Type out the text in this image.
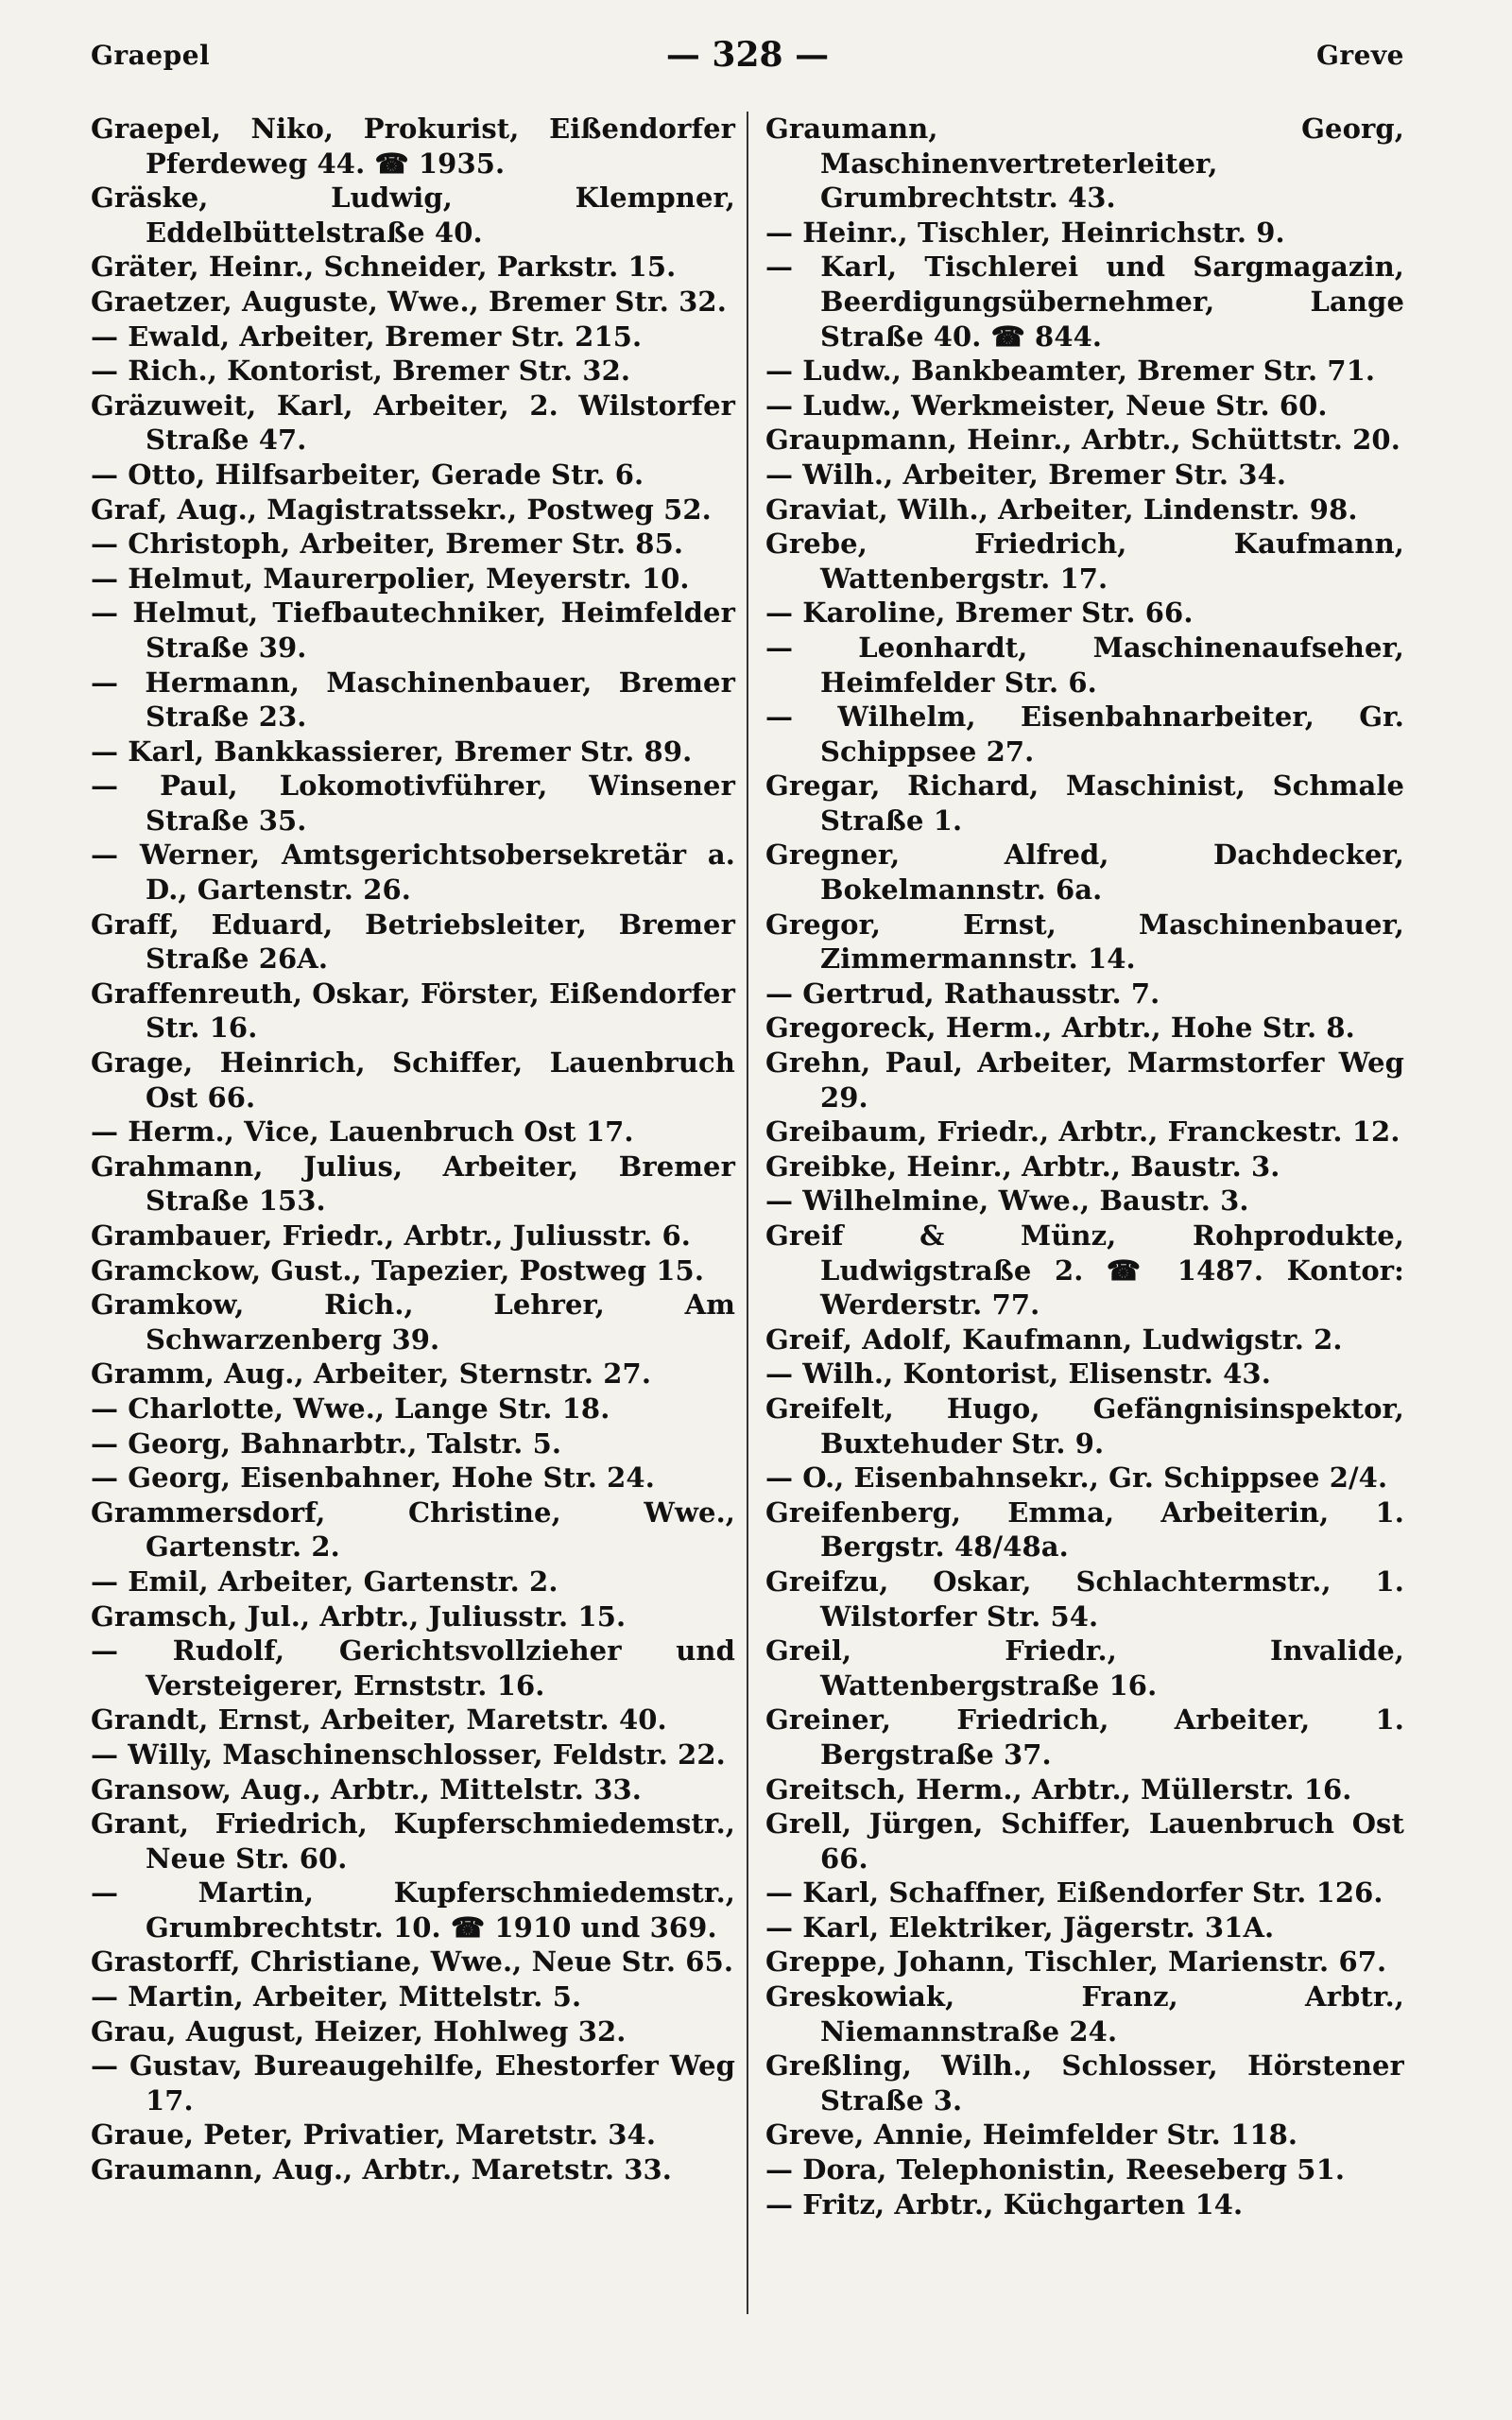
Graepel	— 328 —	Greve
Graepel, Niko, Prokurist, Eißendorfer Pferdeweg 44. ☎ 1935.
Gräske, Ludwig, Klempner, Eddelbüttelstraße 40.
Gräter, Heinr., Schneider, Parkstr. 15.
Graetzer, Auguste, Wwe., Bremer Str. 32.
— Ewald, Arbeiter, Bremer Str. 215.
— Rich., Kontorist, Bremer Str. 32.
Gräzuweit, Karl, Arbeiter, 2. Wilstorfer Straße 47.
— Otto, Hilfsarbeiter, Gerade Str. 6.
Graf, Aug., Magistratssekr., Postweg 52.
— Christoph, Arbeiter, Bremer Str. 85.
— Helmut, Maurerpolier, Meyerstr. 10.
— Helmut, Tiefbautechniker, Heimfelder Straße 39.
— Hermann, Maschinenbauer, Bremer Straße 23.
— Karl, Bankkassierer, Bremer Str. 89.
— Paul, Lokomotivführer, Winsener Straße 35.
— Werner, Amtsgerichtsobersekretär a. D., Gartenstr. 26.
Graff, Eduard, Betriebsleiter, Bremer Straße 26A.
Graffenreuth, Oskar, Förster, Eißendorfer Str. 16.
Grage, Heinrich, Schiffer, Lauenbruch Ost 66.
— Herm., Vice, Lauenbruch Ost 17.
Grahmann, Julius, Arbeiter, Bremer Straße 153.
Grambauer, Friedr., Arbtr., Juliusstr. 6.
Gramckow, Gust., Tapezier, Postweg 15.
Gramkow, Rich., Lehrer, Am Schwarzenberg 39.
Gramm, Aug., Arbeiter, Sternstr. 27.
— Charlotte, Wwe., Lange Str. 18.
— Georg, Bahnarbtr., Talstr. 5.
— Georg, Eisenbahner, Hohe Str. 24.
Grammersdorf, Christine, Wwe., Gartenstr. 2.
— Emil, Arbeiter, Gartenstr. 2.
Gramsch, Jul., Arbtr., Juliusstr. 15.
— Rudolf, Gerichtsvollzieher und Versteigerer, Ernststr. 16.
Grandt, Ernst, Arbeiter, Maretstr. 40.
— Willy, Maschinenschlosser, Feldstr. 22.
Gransow, Aug., Arbtr., Mittelstr. 33.
Grant, Friedrich, Kupferschmiedemstr., Neue Str. 60.
— Martin, Kupferschmiedemstr., Grumbrechtstr. 10. ☎ 1910 und 369.
Grastorff, Christiane, Wwe., Neue Str. 65.
— Martin, Arbeiter, Mittelstr. 5.
Grau, August, Heizer, Hohlweg 32.
— Gustav, Bureaugehilfe, Ehestorfer Weg 17.
Graue, Peter, Privatier, Maretstr. 34.
Graumann, Aug., Arbtr., Maretstr. 33.
Graumann, Georg, Maschinenvertreterleiter, Grumbrechtstr. 43.
— Heinr., Tischler, Heinrichstr. 9.
— Karl, Tischlerei und Sargmagazin, Beerdigungsübernehmer, Lange Straße 40. ☎ 844.
— Ludw., Bankbeamter, Bremer Str. 71.
— Ludw., Werkmeister, Neue Str. 60.
Graupmann, Heinr., Arbtr., Schüttstr. 20.
— Wilh., Arbeiter, Bremer Str. 34.
Graviat, Wilh., Arbeiter, Lindenstr. 98.
Grebe, Friedrich, Kaufmann, Wattenbergstr. 17.
— Karoline, Bremer Str. 66.
— Leonhardt, Maschinenaufseher, Heimfelder Str. 6.
— Wilhelm, Eisenbahnarbeiter, Gr. Schippsee 27.
Gregar, Richard, Maschinist, Schmale Straße 1.
Gregner, Alfred, Dachdecker, Bokelmannstr. 6a.
Gregor, Ernst, Maschinenbauer, Zimmermannstr. 14.
— Gertrud, Rathausstr. 7.
Gregoreck, Herm., Arbtr., Hohe Str. 8.
Grehn, Paul, Arbeiter, Marmstorfer Weg 29.
Greibaum, Friedr., Arbtr., Franckestr. 12.
Greibke, Heinr., Arbtr., Baustr. 3.
— Wilhelmine, Wwe., Baustr. 3.
Greif & Münz, Rohprodukte, Ludwigstraße 2. ☎ 1487. Kontor: Werderstr. 77.
Greif, Adolf, Kaufmann, Ludwigstr. 2.
— Wilh., Kontorist, Elisenstr. 43.
Greifelt, Hugo, Gefängnisinspektor, Buxtehuder Str. 9.
— O., Eisenbahnsekr., Gr. Schippsee 2/4.
Greifenberg, Emma, Arbeiterin, 1. Bergstr. 48/48a.
Greifzu, Oskar, Schlachtermstr., 1. Wilstorfer Str. 54.
Greil, Friedr., Invalide, Wattenbergstraße 16.
Greiner, Friedrich, Arbeiter, 1. Bergstraße 37.
Greitsch, Herm., Arbtr., Müllerstr. 16.
Grell, Jürgen, Schiffer, Lauenbruch Ost 66.
— Karl, Schaffner, Eißendorfer Str. 126.
— Karl, Elektriker, Jägerstr. 31A.
Greppe, Johann, Tischler, Marienstr. 67.
Greskowiak, Franz, Arbtr., Niemannstraße 24.
Greßling, Wilh., Schlosser, Hörstener Straße 3.
Greve, Annie, Heimfelder Str. 118.
— Dora, Telephonistin, Reeseberg 51.
— Fritz, Arbtr., Küchgarten 14.
